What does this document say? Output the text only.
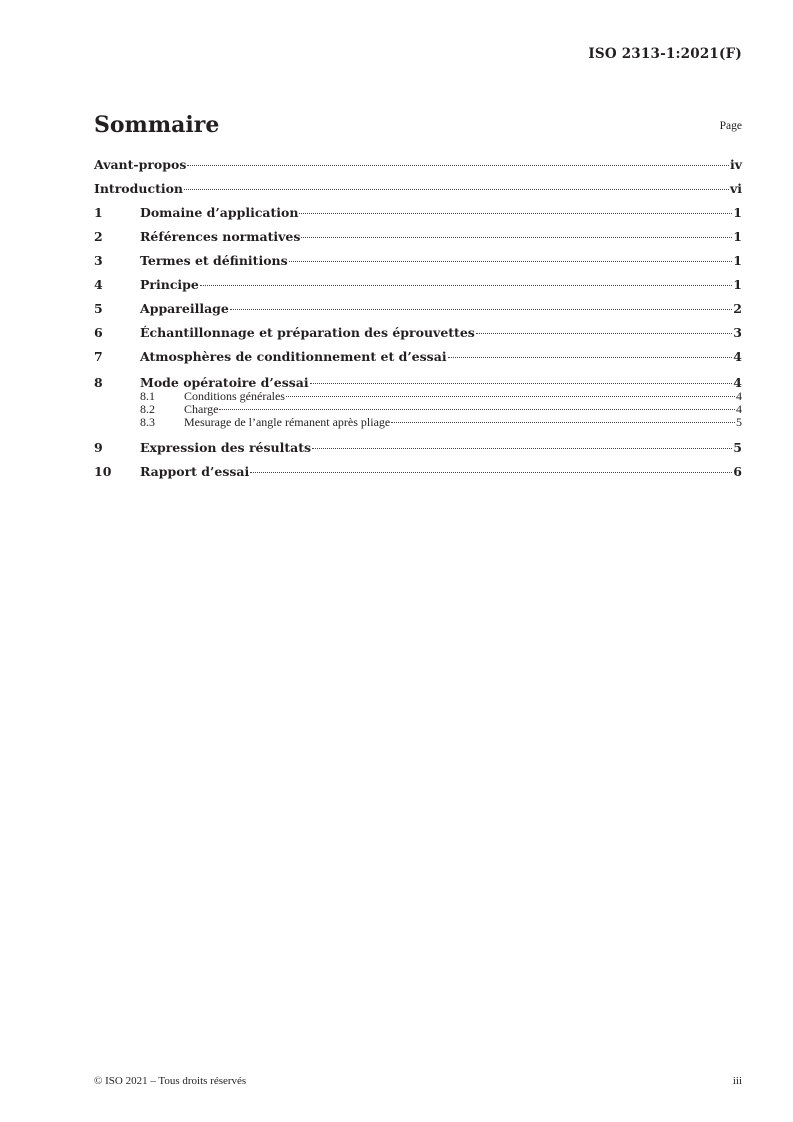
ISO 2313-1:2021(F)
Sommaire	Page
Avant-propos	iv
Introduction	vi
1	Domaine d’application	1
2	Références normatives	1
3	Termes et définitions	1
4	Principe	1
5	Appareillage	2
6	Échantillonnage et préparation des éprouvettes	3
7	Atmosphères de conditionnement et d’essai	4
8	Mode opératoire d’essai	4
8.1	Conditions générales	4
8.2	Charge	4
8.3	Mesurage de l’angle rémanent après pliage	5
9	Expression des résultats	5
10	Rapport d’essai	6
© ISO 2021 – Tous droits réservés	iii
